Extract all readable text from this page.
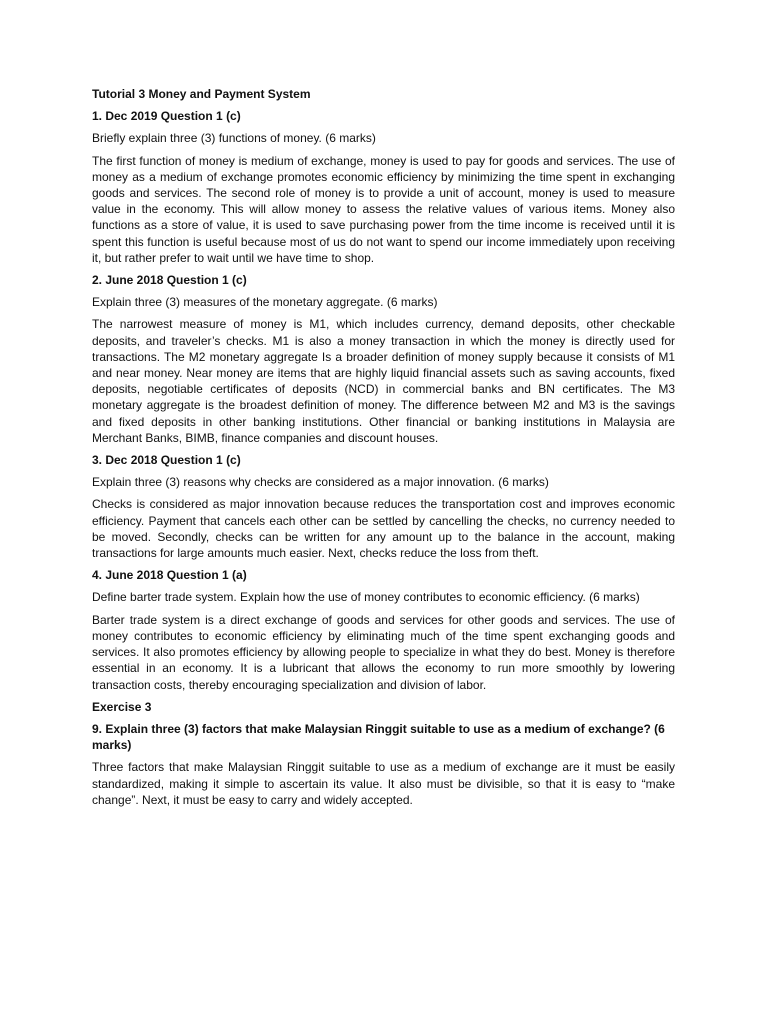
Tutorial 3 Money and Payment System

1. Dec 2019 Question 1 (c)

Briefly explain three (3) functions of money. (6 marks)

The first function of money is medium of exchange, money is used to pay for goods and services. The use of money as a medium of exchange promotes economic efficiency by minimizing the time spent in exchanging goods and services. The second role of money is to provide a unit of account, money is used to measure value in the economy. This will allow money to assess the relative values of various items. Money also functions as a store of value, it is used to save purchasing power from the time income is received until it is spent this function is useful because most of us do not want to spend our income immediately upon receiving it, but rather prefer to wait until we have time to shop.

2. June 2018 Question 1 (c)

Explain three (3) measures of the monetary aggregate. (6 marks)

The narrowest measure of money is M1, which includes currency, demand deposits, other checkable deposits, and traveler’s checks. M1 is also a money transaction in which the money is directly used for transactions. The M2 monetary aggregate Is a broader definition of money supply because it consists of M1 and near money. Near money are items that are highly liquid financial assets such as saving accounts, fixed deposits, negotiable certificates of deposits (NCD) in commercial banks and BN certificates. The M3 monetary aggregate is the broadest definition of money. The difference between M2 and M3 is the savings and fixed deposits in other banking institutions. Other financial or banking institutions in Malaysia are Merchant Banks, BIMB, finance companies and discount houses.

3. Dec 2018 Question 1 (c)

Explain three (3) reasons why checks are considered as a major innovation. (6 marks)

Checks is considered as major innovation because reduces the transportation cost and improves economic efficiency. Payment that cancels each other can be settled by cancelling the checks, no currency needed to be moved. Secondly, checks can be written for any amount up to the balance in the account, making transactions for large amounts much easier. Next, checks reduce the loss from theft.

4. June 2018 Question 1 (a)

Define barter trade system. Explain how the use of money contributes to economic efficiency. (6 marks)

Barter trade system is a direct exchange of goods and services for other goods and services. The use of money contributes to economic efficiency by eliminating much of the time spent exchanging goods and services. It also promotes efficiency by allowing people to specialize in what they do best. Money is therefore essential in an economy. It is a lubricant that allows the economy to run more smoothly by lowering transaction costs, thereby encouraging specialization and division of labor.

Exercise 3

9. Explain three (3) factors that make Malaysian Ringgit suitable to use as a medium of exchange? (6 marks)

Three factors that make Malaysian Ringgit suitable to use as a medium of exchange are it must be easily standardized, making it simple to ascertain its value. It also must be divisible, so that it is easy to “make change”. Next, it must be easy to carry and widely accepted.
